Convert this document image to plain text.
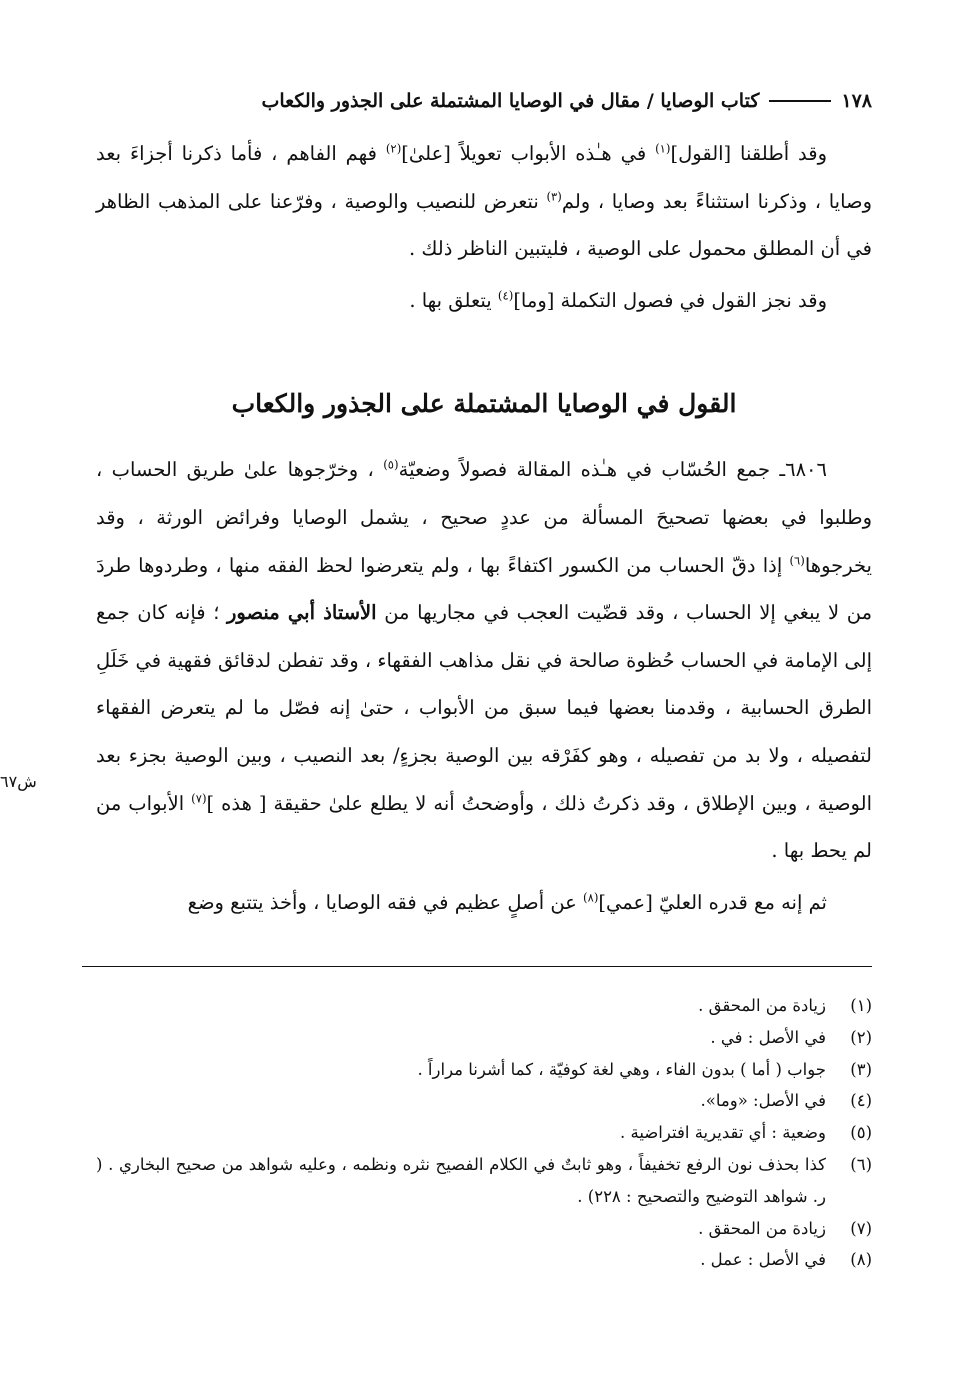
١٧٨
كتاب الوصايا / مقال في الوصايا المشتملة على الجذور والكعاب

وقد أطلقنا [القول]$^{(١)}$ في هـٰذه الأبواب تعويلاً [علىٰ]$^{(٢)}$ فهم الفاهم ، فأما ذكرنا أجزاءَ بعد وصايا ، وذكرنا استثناءً بعد وصايا ، ولم$^{(٣)}$ نتعرض للنصيب والوصية ، وفرّعنا على المذهب الظاهر في أن المطلق محمول على الوصية ، فليتبين الناظر ذلك .

وقد نجز القول في فصول التكملة [وما]$^{(٤)}$ يتعلق بها .

القول في الوصايا المشتملة على الجذور والكعاب

٦٨٠٦ـ جمع الحُسّاب في هـٰذه المقالة فصولاً وضعيّة$^{(٥)}$ ، وخرّجوها علىٰ طريق الحساب ، وطلبوا في بعضها تصحيحَ المسألة من عددٍ صحيح ، يشمل الوصايا وفرائض الورثة ، وقد يخرجوها$^{(٦)}$ إذا دقّ الحساب من الكسور اكتفاءً بها ، ولم يتعرضوا لحظ الفقه منها ، وطردوها طردَ من لا يبغي إلا الحساب ، وقد قضّيت العجب في مجاريها من الأستاذ أبي منصور ؛ فإنه كان جمع إلى الإمامة في الحساب حُظوة صالحة في نقل مذاهب الفقهاء ، وقد تفطن لدقائق فقهية في خَلَلِ الطرق الحسابية ، وقدمنا بعضها فيما سبق من الأبواب ، حتىٰ إنه فصّل ما لم يتعرض الفقهاء لتفصيله ، ولا بد من تفصيله ، وهو كفَرْقه بين الوصية بجزءٍ/ بعد النصيب ، وبين الوصية بجزء بعد الوصية ، وبين الإطلاق ، وقد ذكرتُ ذلك ، وأوضحتُ أنه لا يطلع علىٰ حقيقة [ هذه ]$^{(٧)}$ الأبواب من لم يحط بها .

ثم إنه مع قدره العليّ [عمي]$^{(٨)}$ عن أصلٍ عظيم في فقه الوصايا ، وأخذ يتتبع وضع

ش٦٧
(١)
زيادة من المحقق .
(٢)
في الأصل : في .
(٣)
جواب ( أما ) بدون الفاء ، وهي لغة كوفيّة ، كما أشرنا مراراً .
(٤)
في الأصل: «وما».
(٥)
وضعية : أي تقديرية افتراضية .
(٦)
كذا بحذف نون الرفع تخفيفاً ، وهو ثابتٌ في الكلام الفصيح نثره ونظمه ، وعليه شواهد من صحيح البخاري . ( ر. شواهد التوضيح والتصحيح : ٢٢٨) .
(٧)
زيادة من المحقق .
(٨)
في الأصل : عمل .
